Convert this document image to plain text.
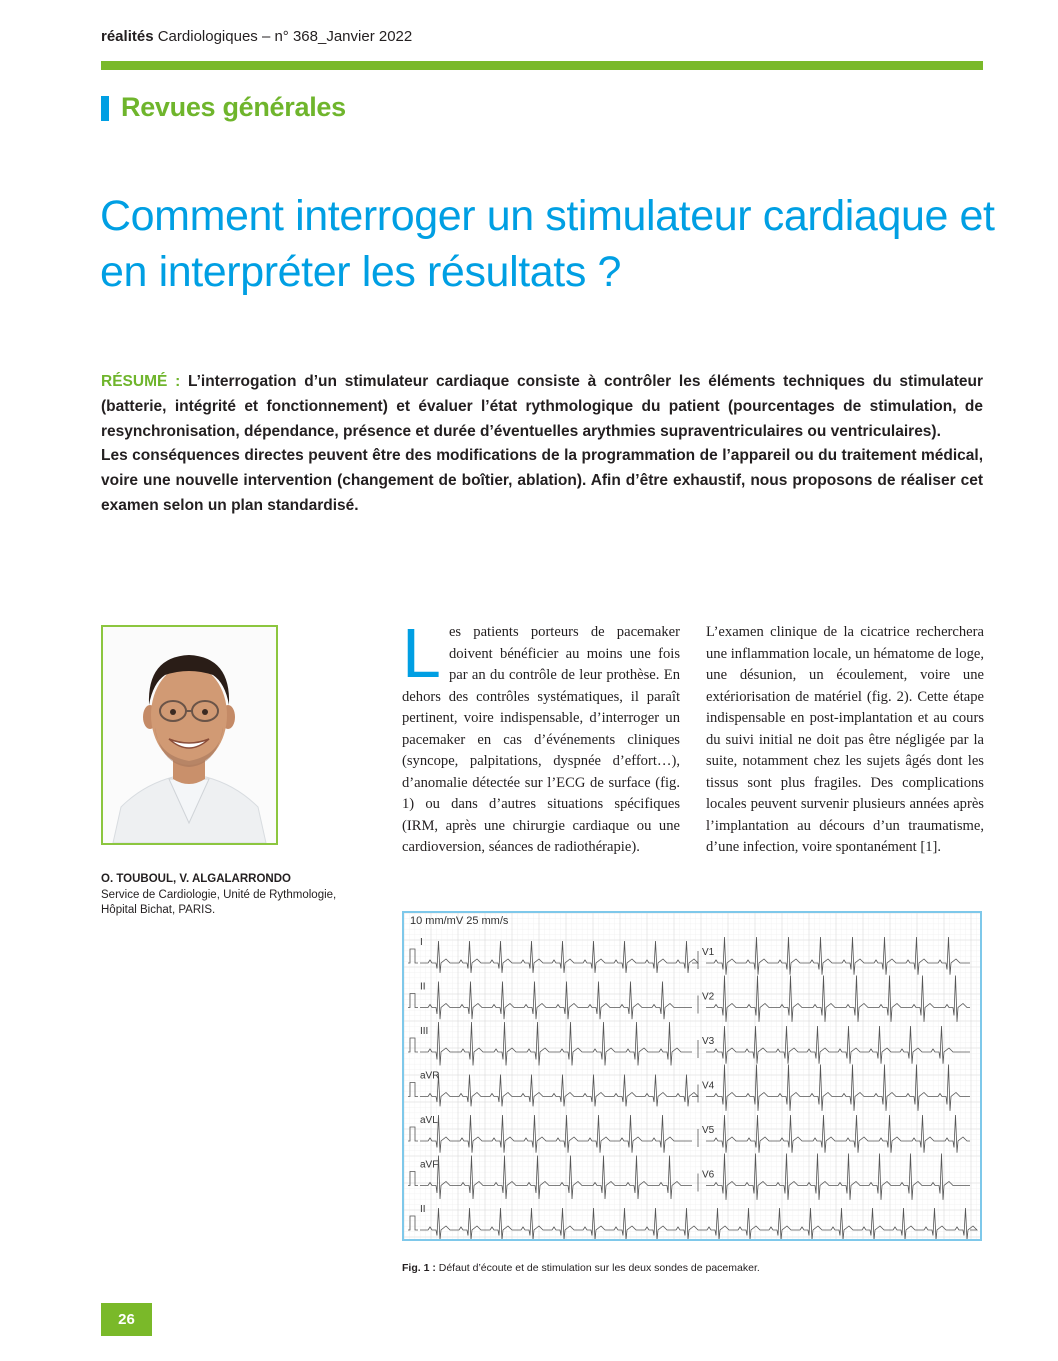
réalités Cardiologiques – n° 368_Janvier 2022
Revues générales
Comment interroger un stimulateur cardiaque et en interpréter les résultats ?

RÉSUMÉ : L’interrogation d’un stimulateur cardiaque consiste à contrôler les éléments techniques du stimulateur (batterie, intégrité et fonctionnement) et évaluer l’état rythmologique du patient (pourcentages de stimulation, de resynchronisation, dépendance, présence et durée d’éventuelles arythmies supraventriculaires ou ventriculaires).

Les conséquences directes peuvent être des modifications de la programmation de l’appareil ou du traitement médical, voire une nouvelle intervention (changement de boîtier, ablation). Afin d’être exhaustif, nous proposons de réaliser cet examen selon un plan standardisé.

O. TOUBOUL, V. ALGALARRONDO
Service de Cardiologie, Unité de Rythmologie, Hôpital Bichat, PARIS.
Les patients porteurs de pacemaker doivent bénéficier au moins une fois par an du contrôle de leur prothèse. En dehors des contrôles systématiques, il paraît pertinent, voire indispensable, d’interroger un pacemaker en cas d’événements cliniques (syncope, palpitations, dyspnée d’effort…), d’anomalie détectée sur l’ECG de surface (fig. 1) ou dans d’autres situations spécifiques (IRM, après une chirurgie cardiaque ou une cardioversion, séances de radiothérapie).
L’examen clinique de la cicatrice recherchera une inflammation locale, un hématome de loge, une désunion, un écoulement, voire une extériorisation de matériel (fig. 2). Cette étape indispensable en post-implantation et au cours du suivi initial ne doit pas être négligée par la suite, notamment chez les sujets âgés dont les tissus sont plus fragiles. Des complications locales peuvent survenir plusieurs années après l’implantation au décours d’un traumatisme, d’une infection, voire spontanément [1].
I
II
III
aVR
aVL
aVF
II
V1
V2
V3
V4
V5
V6
10 mm/mV 25 mm/s
Fig. 1 : Défaut d’écoute et de stimulation sur les deux sondes de pacemaker.
26
